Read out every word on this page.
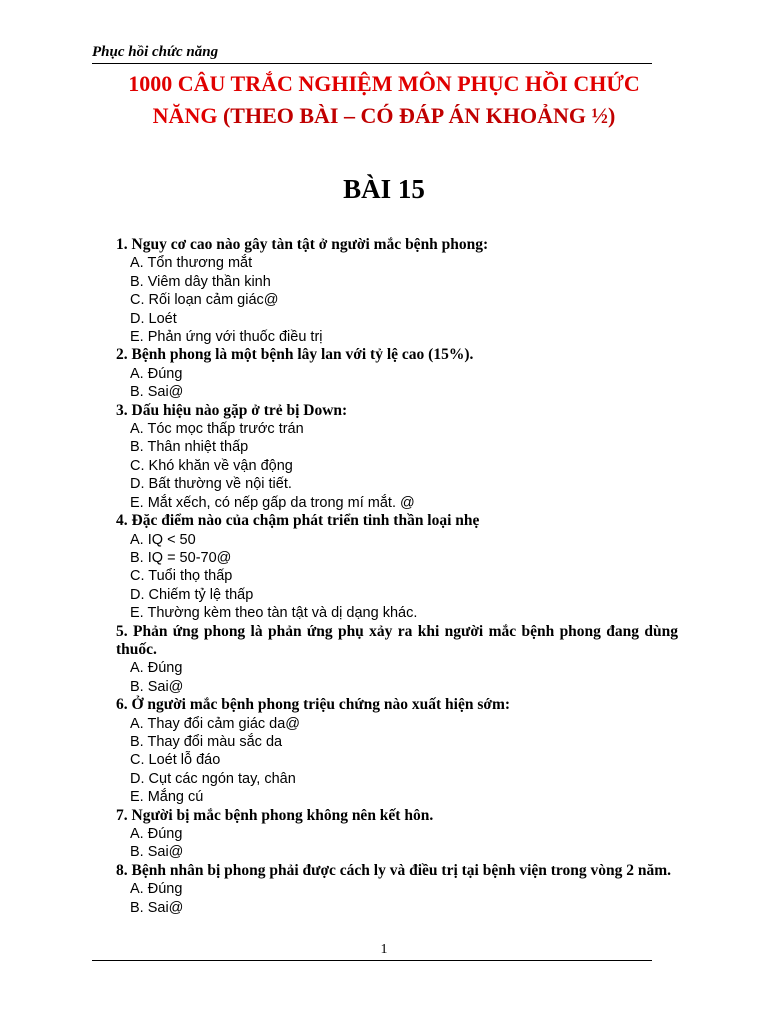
Phục hồi chức năng
1000 CÂU TRẮC NGHIỆM MÔN PHỤC HỒI CHỨC
NĂNG (THEO BÀI – CÓ ĐÁP ÁN KHOẢNG ½)
BÀI 15
1. Nguy cơ cao nào gây tàn tật ở người mắc bệnh phong:
A. Tổn thương mắt
B. Viêm dây thần kinh
C. Rối loạn cảm giác@
D. Loét
E. Phản ứng với thuốc điều trị
2. Bệnh phong là một bệnh lây lan với tỷ lệ cao (15%).
A. Đúng
B. Sai@
3. Dấu hiệu nào gặp ở trẻ bị Down:
A. Tóc mọc thấp trước trán
B. Thân nhiệt thấp
C. Khó khăn về vận động
D. Bất thường về nội tiết.
E. Mắt xếch, có nếp gấp da trong mí mắt. @
4. Đặc điểm nào của chậm phát triển tinh thần loại nhẹ
A. IQ < 50
B. IQ = 50-70@
C. Tuổi thọ thấp
D. Chiếm tỷ lệ thấp
E. Thường kèm theo tàn tật và dị dạng khác.
5. Phản ứng phong là phản ứng phụ xảy ra khi người mắc bệnh phong đang dùng thuốc.
A. Đúng
B. Sai@
6. Ở người mắc bệnh phong triệu chứng nào xuất hiện sớm:
A. Thay đổi cảm giác da@
B. Thay đổi màu sắc da
C. Loét lỗ đáo
D. Cụt các ngón tay, chân
E. Mắng cú
7. Người bị mắc bệnh phong không nên kết hôn.
A. Đúng
B. Sai@
8. Bệnh nhân bị phong phải được cách ly và điều trị tại bệnh viện trong vòng 2 năm.
A. Đúng
B. Sai@
1
